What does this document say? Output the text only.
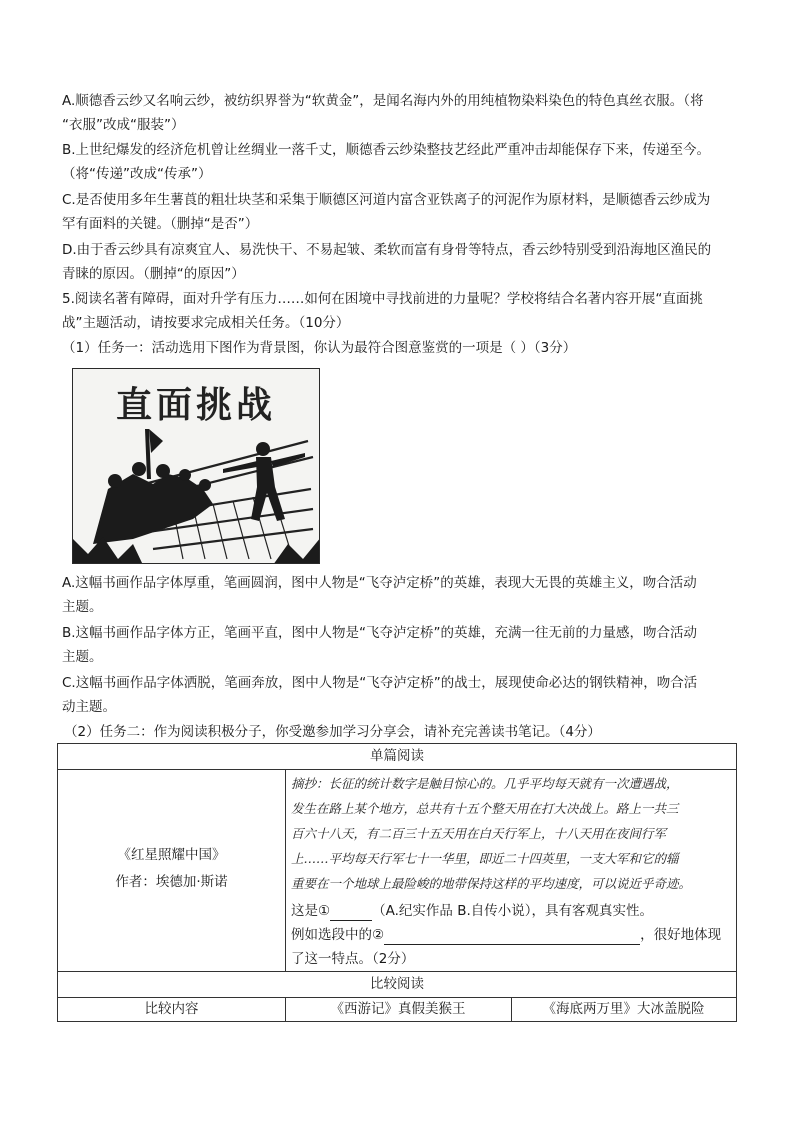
A.顺德香云纱又名响云纱，被纺织界誉为“软黄金”，是闻名海内外的用纯植物染料染色的特色真丝衣服。（将
“衣服”改成“服装”）
B.上世纪爆发的经济危机曾让丝绸业一落千丈，顺德香云纱染整技艺经此严重冲击却能保存下来，传递至今。
（将“传递”改成“传承”）
C.是否使用多年生薯莨的粗壮块茎和采集于顺德区河道内富含亚铁离子的河泥作为原材料，是顺德香云纱成为
罕有面料的关键。（删掉“是否”）
D.由于香云纱具有凉爽宜人、易洗快干、不易起皱、柔软而富有身骨等特点，香云纱特别受到沿海地区渔民的
青睐的原因。（删掉“的原因”）
5.阅读名著有障碍，面对升学有压力……如何在困境中寻找前进的力量呢？学校将结合名著内容开展“直面挑
战”主题活动，请按要求完成相关任务。（10分）
（1）任务一：活动选用下图作为背景图，你认为最符合图意鉴赏的一项是（ ）（3分）
直面挑战
A.这幅书画作品字体厚重，笔画圆润，图中人物是“飞夺泸定桥”的英雄，表现大无畏的英雄主义，吻合活动
主题。
B.这幅书画作品字体方正，笔画平直，图中人物是“飞夺泸定桥”的英雄，充满一往无前的力量感，吻合活动
主题。
C.这幅书画作品字体洒脱，笔画奔放，图中人物是“飞夺泸定桥”的战士，展现使命必达的钢铁精神，吻合活
动主题。
（2）任务二：作为阅读积极分子，你受邀参加学习分享会，请补充完善读书笔记。（4分）
单篇阅读
《红星照耀中国》
作者：埃德加·斯诺
摘抄：长征的统计数字是触目惊心的。几乎平均每天就有一次遭遇战，
发生在路上某个地方，总共有十五个整天用在打大决战上。路上一共三
百六十八天，有二百三十五天用在白天行军上，十八天用在夜间行军
上……平均每天行军七十一华里，即近二十四英里，一支大军和它的辎
重要在一个地球上最险峻的地带保持这样的平均速度，可以说近乎奇迹。
这是①	（A.纪实作品 B.自传小说），具有客观真实性。
例如选段中的②	，很好地体现
了这一特点。（2分）
比较阅读
比较内容	《西游记》真假美猴王	《海底两万里》大冰盖脱险
